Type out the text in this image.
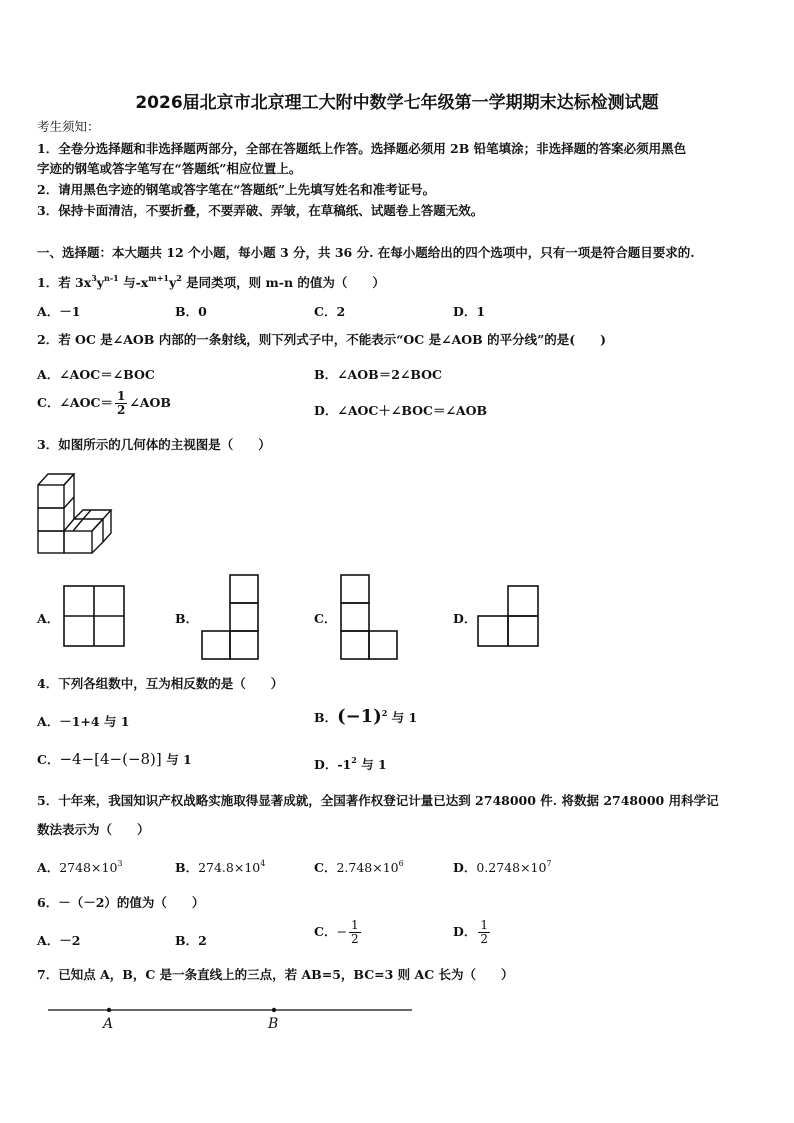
2026届北京市北京理工大附中数学七年级第一学期期末达标检测试题
考生须知：
1．全卷分选择题和非选择题两部分，全部在答题纸上作答。选择题必须用 2B 铅笔填涂；非选择题的答案必须用黑色
字迹的钢笔或答字笔写在“答题纸”相应位置上。
2．请用黑色字迹的钢笔或答字笔在“答题纸”上先填写姓名和准考证号。
3．保持卡面清洁，不要折叠，不要弄破、弄皱，在草稿纸、试题卷上答题无效。
一、选择题：本大题共 12 个小题，每小题 3 分，共 36 分. 在每小题给出的四个选项中，只有一项是符合题目要求的.
1．若 $3x^3y^{n-1}$ 与$-x^{m+1}y^2$ 是同类项，则 m-n 的值为（　　）
A．－1	B．0	C．2	D．1
2．若 OC 是∠AOB 内部的一条射线，则下列式子中，不能表示“OC 是∠AOB 的平分线”的是(　　)
A．∠AOC＝∠BOC	B．∠AOB＝2∠BOC
C．∠AOC＝ $\frac{1}{2}$ ∠AOB
D．∠AOC＋∠BOC＝∠AOB
3．如图所示的几何体的主视图是（　　）
A．	B．	C．	D．
4．下列各组数中，互为相反数的是（　　）
A．－1+4 与 1	B．$(-1)^2$ 与 1
C．−4−[4−(−8)] 与 1	D．$-1^2$ 与 1
5．十年来，我国知识产权战略实施取得显著成就，全国著作权登记计量已达到 2748000 件. 将数据 2748000 用科学记
数法表示为（　　）
A．$2748\times 10^3$	B．$274.8\times 10^4$	C．$2.748\times 10^6$	D．$0.2748\times 10^7$
6．－（－2）的值为（　　）
A．－2	B．2
C．− $\frac{1}{2}$	D． $\frac{1}{2}$
7．已知点 A，B，C 是一条直线上的三点，若 AB=5，BC=3 则 AC 长为（　　）
A	B
